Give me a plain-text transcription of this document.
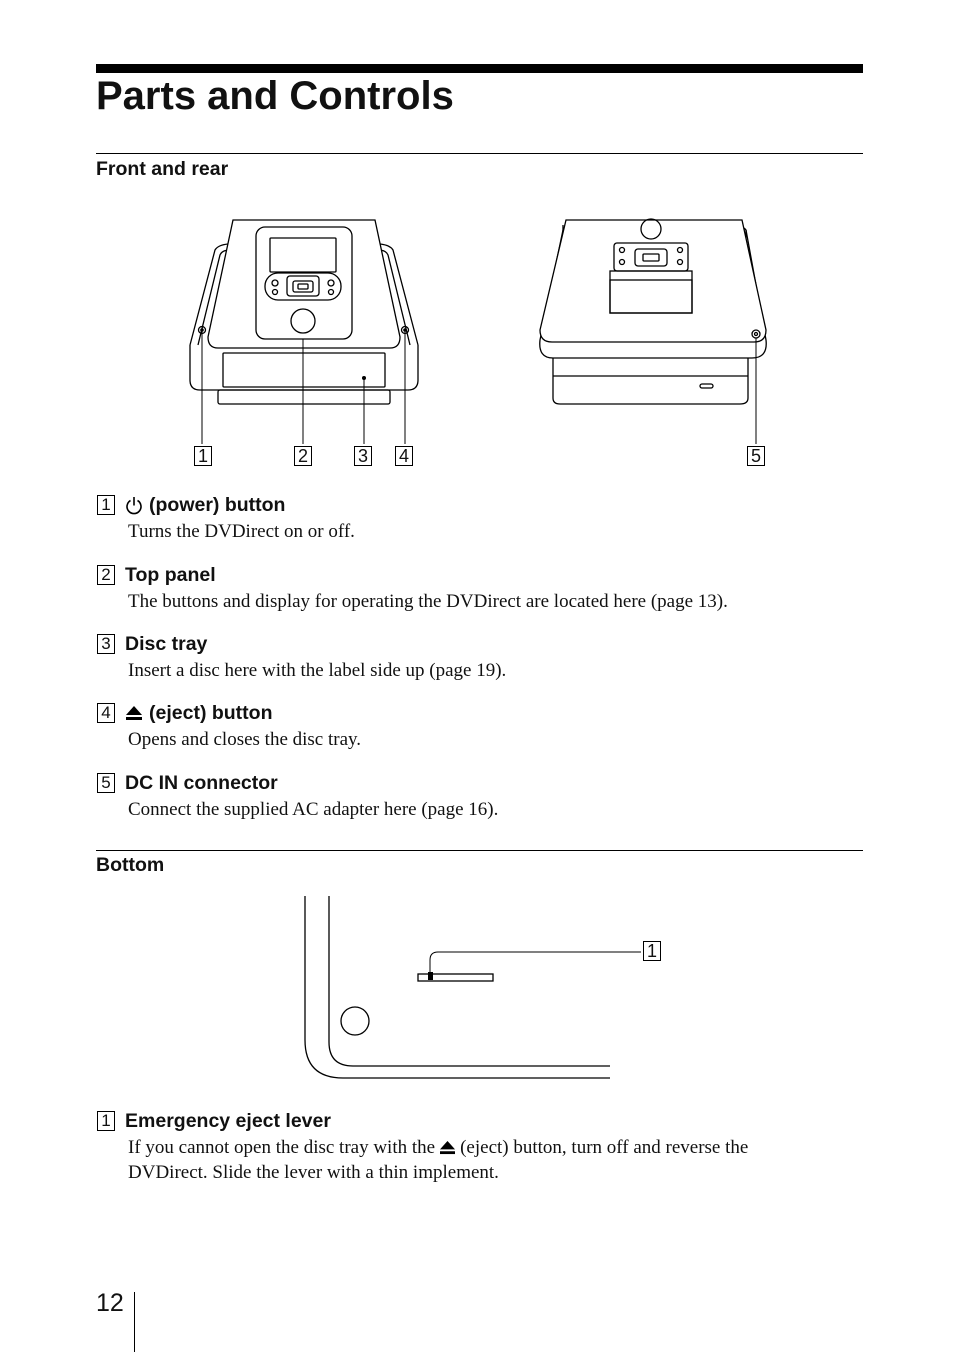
Parts and Controls
Front and rear
1	2	3 4	5
1 (power) button
Turns the DVDirect on or off.
2 Top panel
The buttons and display for operating the DVDirect are located here (page 13).
3 Disc tray
Insert a disc here with the label side up (page 19).
4 (eject) button
Opens and closes the disc tray.
5 DC IN connector
Connect the supplied AC adapter here (page 16).
Bottom
1
1 Emergency eject lever
If you cannot open the disc tray with the (eject) button, turn off and reverse the
DVDirect. Slide the lever with a thin implement.
12
